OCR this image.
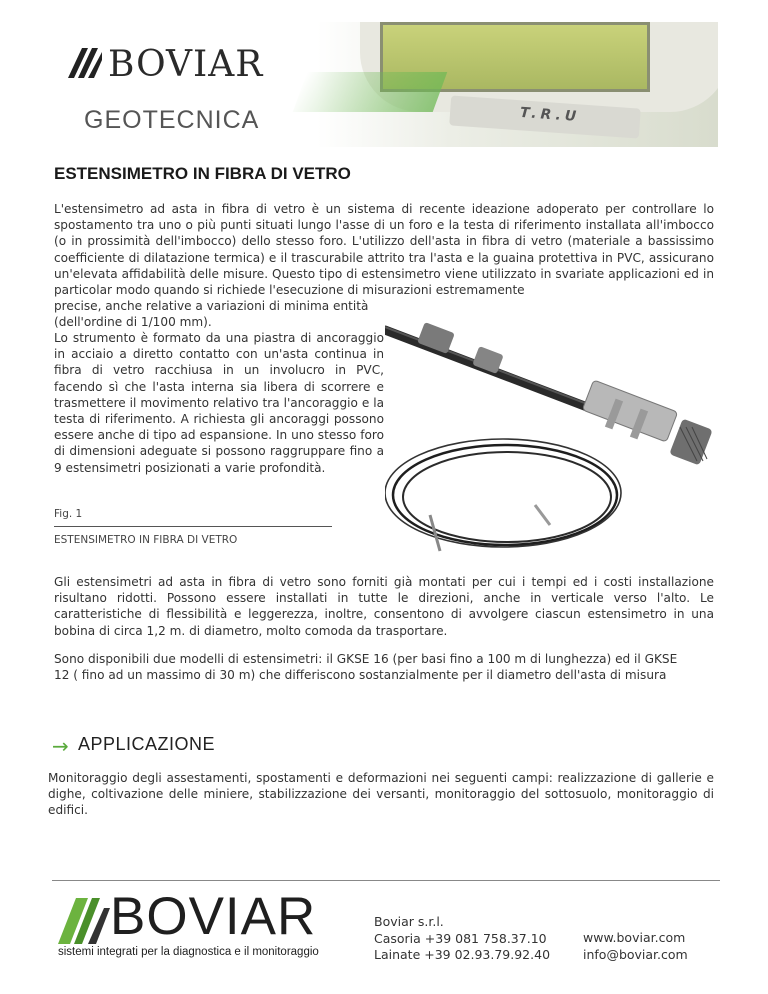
T.R.U
BOVIAR
GEOTECNICA
ESTENSIMETRO IN FIBRA DI VETRO
L'estensimetro ad asta in fibra di vetro è un sistema di recente ideazione adoperato per controllare lo spostamento tra uno o più punti situati lungo l'asse di un foro e la testa di riferimento installata all'imbocco (o in prossimità dell'imbocco) dello stesso foro. L'utilizzo dell'asta in fibra di vetro (materiale a bassissimo coefficiente di dilatazione termica) e il trascurabile attrito tra l'asta e la guaina protettiva in PVC, assicurano un'elevata affidabilità delle misure. Questo tipo di estensimetro viene utilizzato in svariate applicazioni ed in particolar modo quando si richiede l'esecuzione di misurazioni estremamente
precise, anche relative a variazioni di minima entità (dell'ordine di 1/100 mm).
Lo strumento è formato da una piastra di ancoraggio in acciaio a diretto contatto con un'asta continua in fibra di vetro racchiusa in un involucro in PVC, facendo sì che l'asta interna sia libera di scorrere e trasmettere il movimento relativo tra l'ancoraggio e la testa di riferimento. A richiesta gli ancoraggi possono essere anche di tipo ad espansione. In uno stesso foro di dimensioni adeguate si possono raggruppare fino a 9 estensimetri posizionati a varie profondità.
Fig. 1
ESTENSIMETRO IN FIBRA DI VETRO
Gli estensimetri ad asta in fibra di vetro sono forniti già montati per cui i tempi ed i costi installazione risultano ridotti. Possono essere installati in tutte le direzioni, anche in verticale verso l'alto. Le caratteristiche di flessibilità e leggerezza, inoltre, consentono di avvolgere ciascun estensimetro in una bobina di circa 1,2 m. di diametro, molto comoda da trasportare.
Sono disponibili due modelli di estensimetri: il GKSE 16 (per basi fino a 100 m di lunghezza) ed il GKSE 12 ( fino ad un massimo di 30 m) che differiscono sostanzialmente per il diametro dell'asta di misura
→ APPLICAZIONE
Monitoraggio degli assestamenti, spostamenti e deformazioni nei seguenti campi: realizzazione di gallerie e dighe, coltivazione delle miniere, stabilizzazione dei versanti, monitoraggio del sottosuolo, monitoraggio di edifici.
BOVIAR
sistemi integrati per la diagnostica e il monitoraggio
Boviar s.r.l.
Casoria +39 081 758.37.10
Lainate +39 02.93.79.92.40
www.boviar.com
info@boviar.com
